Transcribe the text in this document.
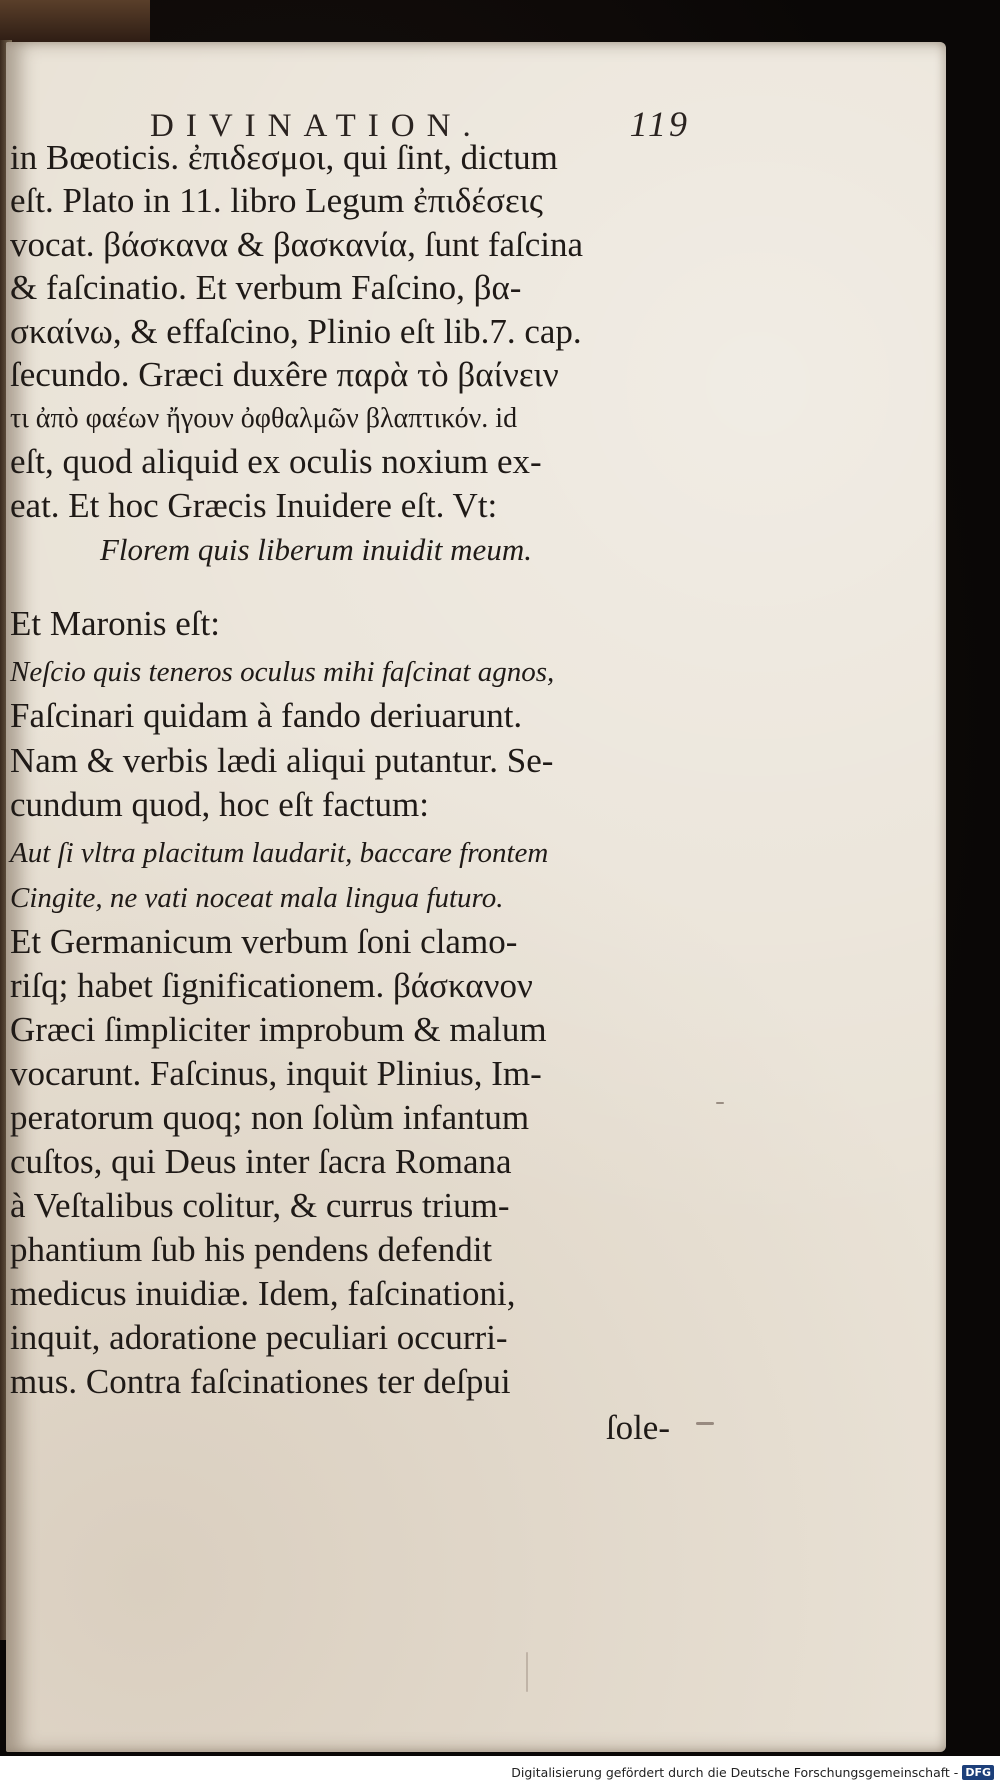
DIVINATION.	119
in Bœoticis. ἐπιδεσμοι, qui ſint, dictum
eſt. Plato in 11. libro Legum ἐπιδέσεις
vocat. βάσκανα & βασκανία, ſunt faſcina
& faſcinatio. Et verbum Faſcino, βα-
σκαίνω, & effaſcino, Plinio eſt lib.7. cap.
ſecundo. Græci duxêre παρὰ τὸ βαίνειν
τι ἀπὸ φαέων ἤγουν ὀφθαλμῶν βλαπτικόν. id
eſt, quod aliquid ex oculis noxium ex-
eat. Et hoc Græcis Inuidere eſt. Vt:
Florem quis liberum inuidit meum.
Et Maronis eſt:
Neſcio quis teneros oculus mihi faſcinat agnos,
Faſcinari quidam à fando deriuarunt.
Nam & verbis lædi aliqui putantur. Se-
cundum quod, hoc eſt factum:
Aut ſi vltra placitum laudarit, baccare frontem
Cingite, ne vati noceat mala lingua futuro.
Et Germanicum verbum ſoni clamo-
riſq; habet ſignificationem. βάσκανον
Græci ſimpliciter improbum & malum
vocarunt. Faſcinus, inquit Plinius, Im-
peratorum quoq; non ſolùm infantum
cuſtos, qui Deus inter ſacra Romana
à Veſtalibus colitur, & currus trium-
phantium ſub his pendens defendit
medicus inuidiæ. Idem, faſcinationi,
inquit, adoratione peculiari occurri-
mus. Contra faſcinationes ter deſpui
ſole-
Digitalisierung gefördert durch die Deutsche Forschungsgemeinschaft - DFG
